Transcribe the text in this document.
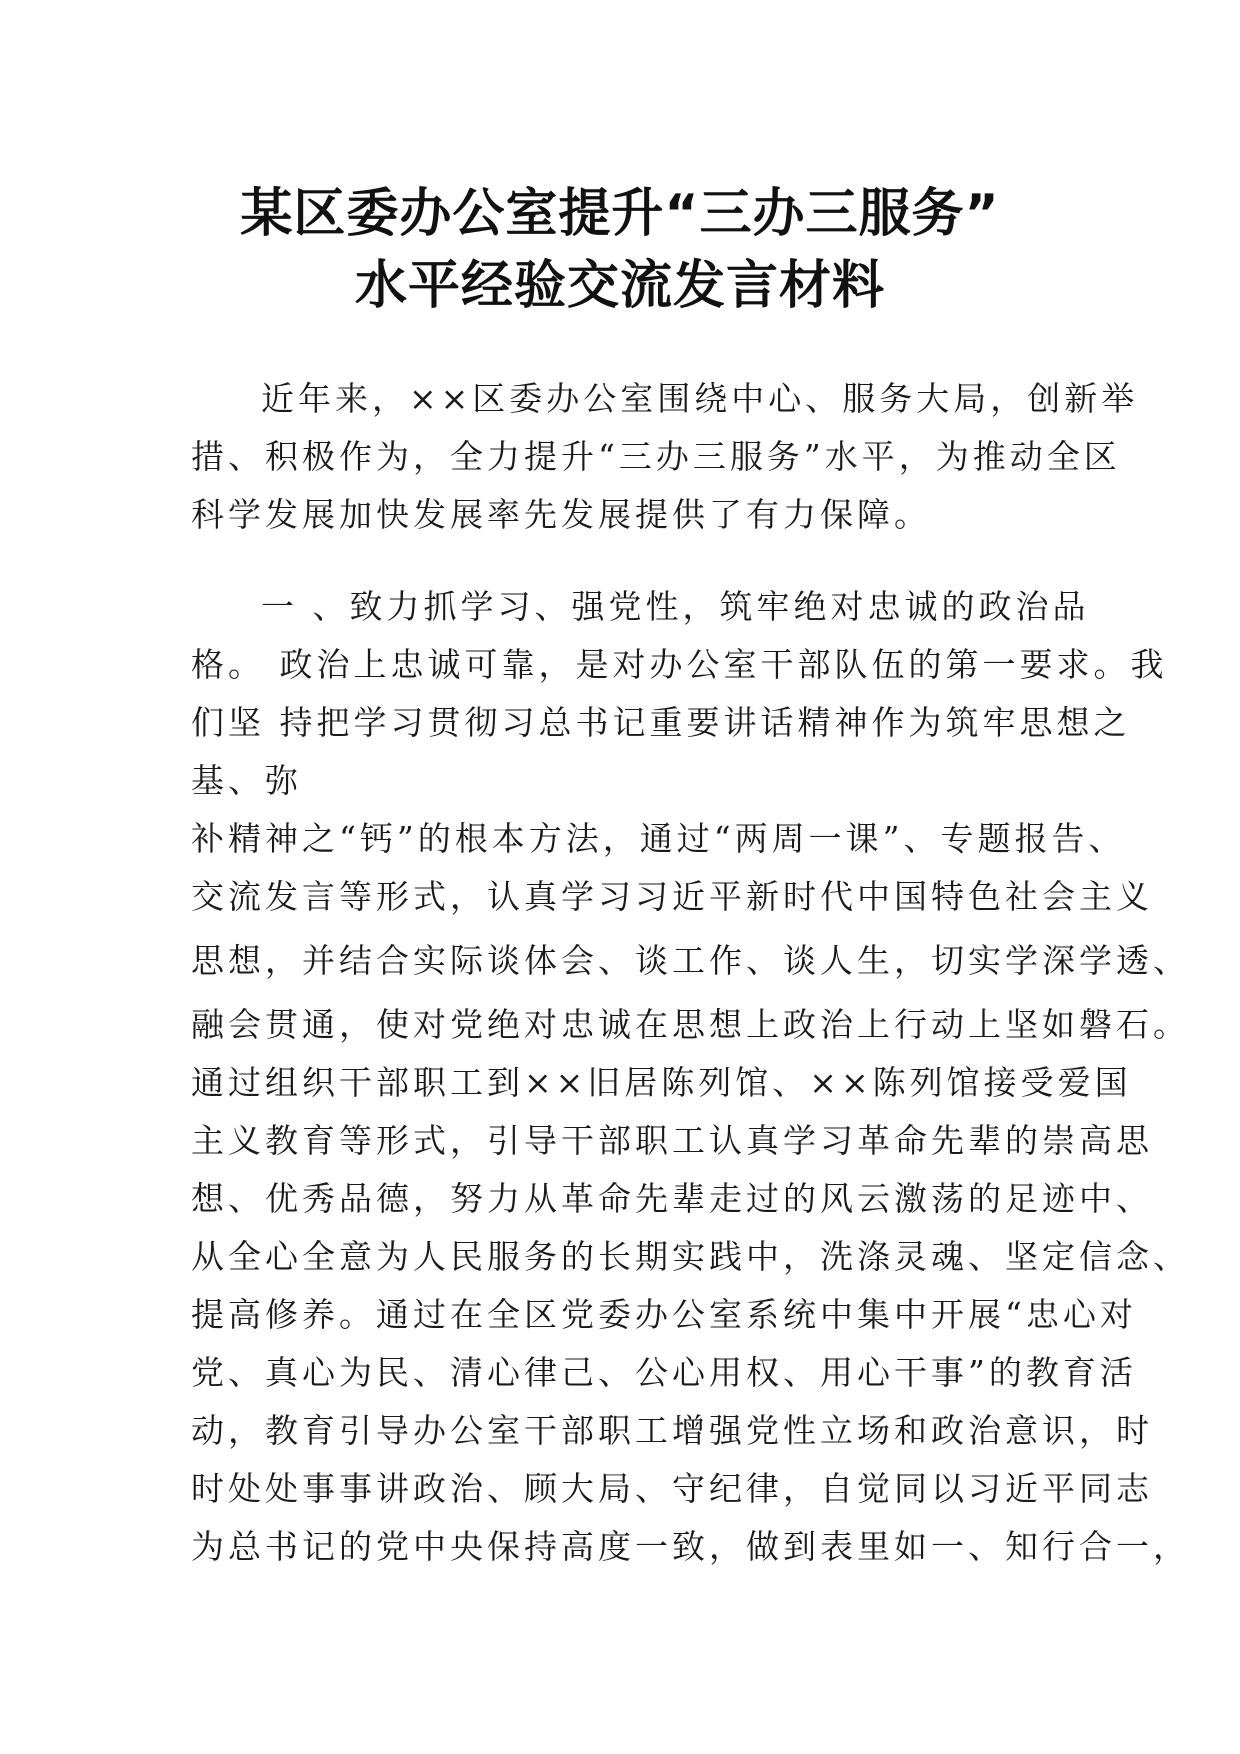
某区委办公室提升“三办三服务”
水平经验交流发言材料
近年来，××区委办公室围绕中心、服务大局，创新举
措、积极作为，全力提升“三办三服务”水平，为推动全区
科学发展加快发展率先发展提供了有力保障。
一 、致力抓学习、强党性，筑牢绝对忠诚的政治品
格。 政治上忠诚可靠，是对办公室干部队伍的第一要求。我
们坚 持把学习贯彻习总书记重要讲话精神作为筑牢思想之
基、弥
补精神之“钙”的根本方法，通过“两周一课”、专题报告、
交流发言等形式，认真学习习近平新时代中国特色社会主义
思想，并结合实际谈体会、谈工作、谈人生，切实学深学透、
融会贯通，使对党绝对忠诚在思想上政治上行动上坚如磐石。
通过组织干部职工到××旧居陈列馆、××陈列馆接受爱国
主义教育等形式，引导干部职工认真学习革命先辈的崇高思
想、优秀品德，努力从革命先辈走过的风云激荡的足迹中、
从全心全意为人民服务的长期实践中，洗涤灵魂、坚定信念、
提高修养。通过在全区党委办公室系统中集中开展“忠心对
党、真心为民、清心律己、公心用权、用心干事”的教育活
动，教育引导办公室干部职工增强党性立场和政治意识，时
时处处事事讲政治、顾大局、守纪律，自觉同以习近平同志
为总书记的党中央保持高度一致，做到表里如一、知行合一，
